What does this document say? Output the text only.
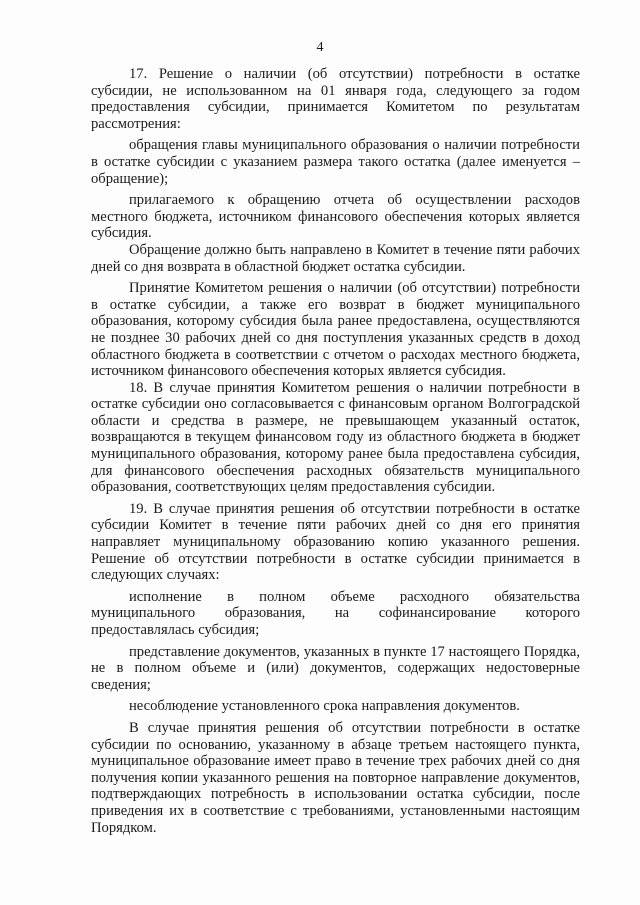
4

17. Решение о наличии (об отсутствии) потребности в остатке субсидии, не использованном на 01 января года, следующего за годом предоставления субсидии, принимается Комитетом по результатам рассмотрения:

обращения главы муниципального образования о наличии потребности в остатке субсидии с указанием размера такого остатка (далее именуется – обращение);

прилагаемого к обращению отчета об осуществлении расходов местного бюджета, источником финансового обеспечения которых является субсидия.

Обращение должно быть направлено в Комитет в течение пяти рабочих дней со дня возврата в областной бюджет остатка субсидии.

Принятие Комитетом решения о наличии (об отсутствии) потребности в остатке субсидии, а также его возврат в бюджет муниципального образования, которому субсидия была ранее предоставлена, осуществляются не позднее 30 рабочих дней со дня поступления указанных средств в доход областного бюджета в соответствии с отчетом о расходах местного бюджета, источником финансового обеспечения которых является субсидия.

18. В случае принятия Комитетом решения о наличии потребности в остатке субсидии оно согласовывается с финансовым органом Волгоградской области и средства в размере, не превышающем указанный остаток, возвращаются в текущем финансовом году из областного бюджета в бюджет муниципального образования, которому ранее была предоставлена субсидия, для финансового обеспечения расходных обязательств муниципального образования, соответствующих целям предоставления субсидии.

19. В случае принятия решения об отсутствии потребности в остатке субсидии Комитет в течение пяти рабочих дней со дня его принятия направляет муниципальному образованию копию указанного решения. Решение об отсутствии потребности в остатке субсидии принимается в следующих случаях:

исполнение в полном объеме расходного обязательства муниципального образования, на софинансирование которого предоставлялась субсидия;

представление документов, указанных в пункте 17 настоящего Порядка, не в полном объеме и (или) документов, содержащих недостоверные сведения;

несоблюдение установленного срока направления документов.

В случае принятия решения об отсутствии потребности в остатке субсидии по основанию, указанному в абзаце третьем настоящего пункта, муниципальное образование имеет право в течение трех рабочих дней со дня получения копии указанного решения на повторное направление документов, подтверждающих потребность в использовании остатка субсидии, после приведения их в соответствие с требованиями, установленными настоящим Порядком.
